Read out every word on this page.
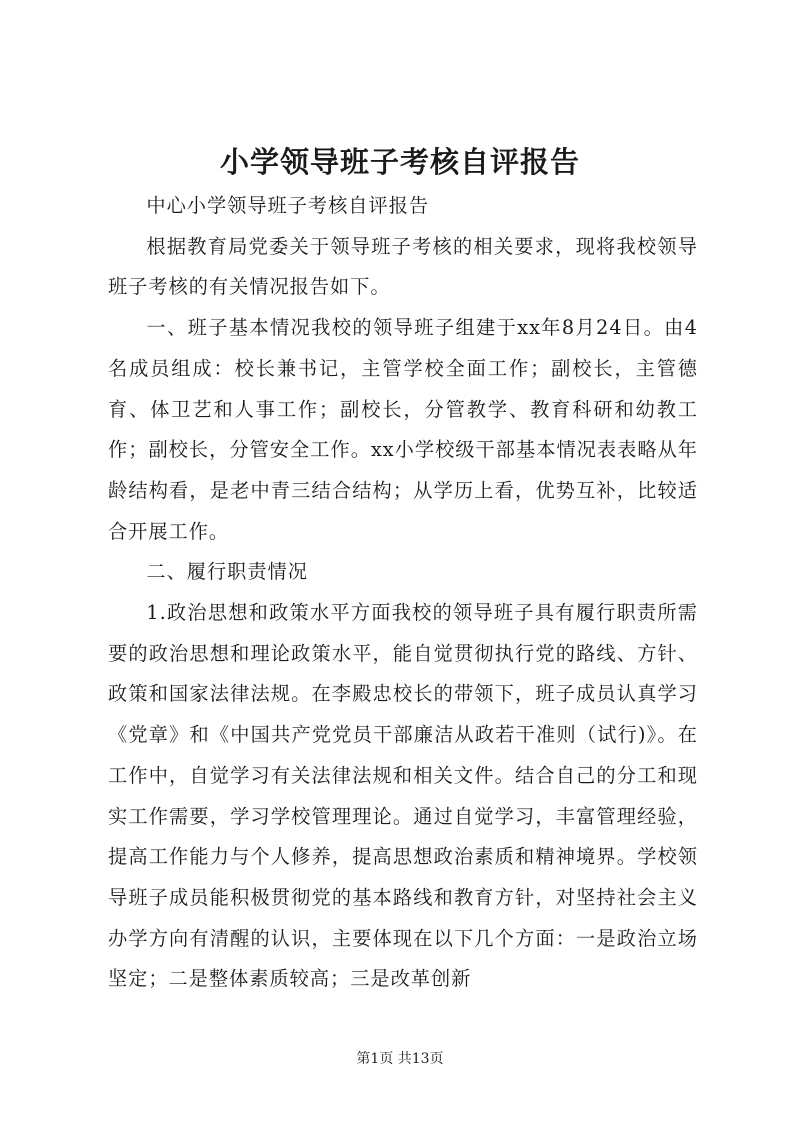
小学领导班子考核自评报告

中心小学领导班子考核自评报告

根据教育局党委关于领导班子考核的相关要求，现将我校领导班子考核的有关情况报告如下。

一、班子基本情况我校的领导班子组建于xx年8月24日。由4名成员组成：校长兼书记，主管学校全面工作；副校长，主管德育、体卫艺和人事工作；副校长，分管教学、教育科研和幼教工作；副校长，分管安全工作。xx小学校级干部基本情况表表略从年龄结构看，是老中青三结合结构；从学历上看，优势互补，比较适合开展工作。

二、履行职责情况

1.政治思想和政策水平方面我校的领导班子具有履行职责所需要的政治思想和理论政策水平，能自觉贯彻执行党的路线、方针、政策和国家法律法规。在李殿忠校长的带领下，班子成员认真学习《党章》和《中国共产党党员干部廉洁从政若干准则（试行)》。在工作中，自觉学习有关法律法规和相关文件。结合自己的分工和现实工作需要，学习学校管理理论。通过自觉学习，丰富管理经验，提高工作能力与个人修养，提高思想政治素质和精神境界。学校领导班子成员能积极贯彻党的基本路线和教育方针，对坚持社会主义办学方向有清醒的认识，主要体现在以下几个方面：一是政治立场坚定；二是整体素质较高；三是改革创新

第1页 共13页
